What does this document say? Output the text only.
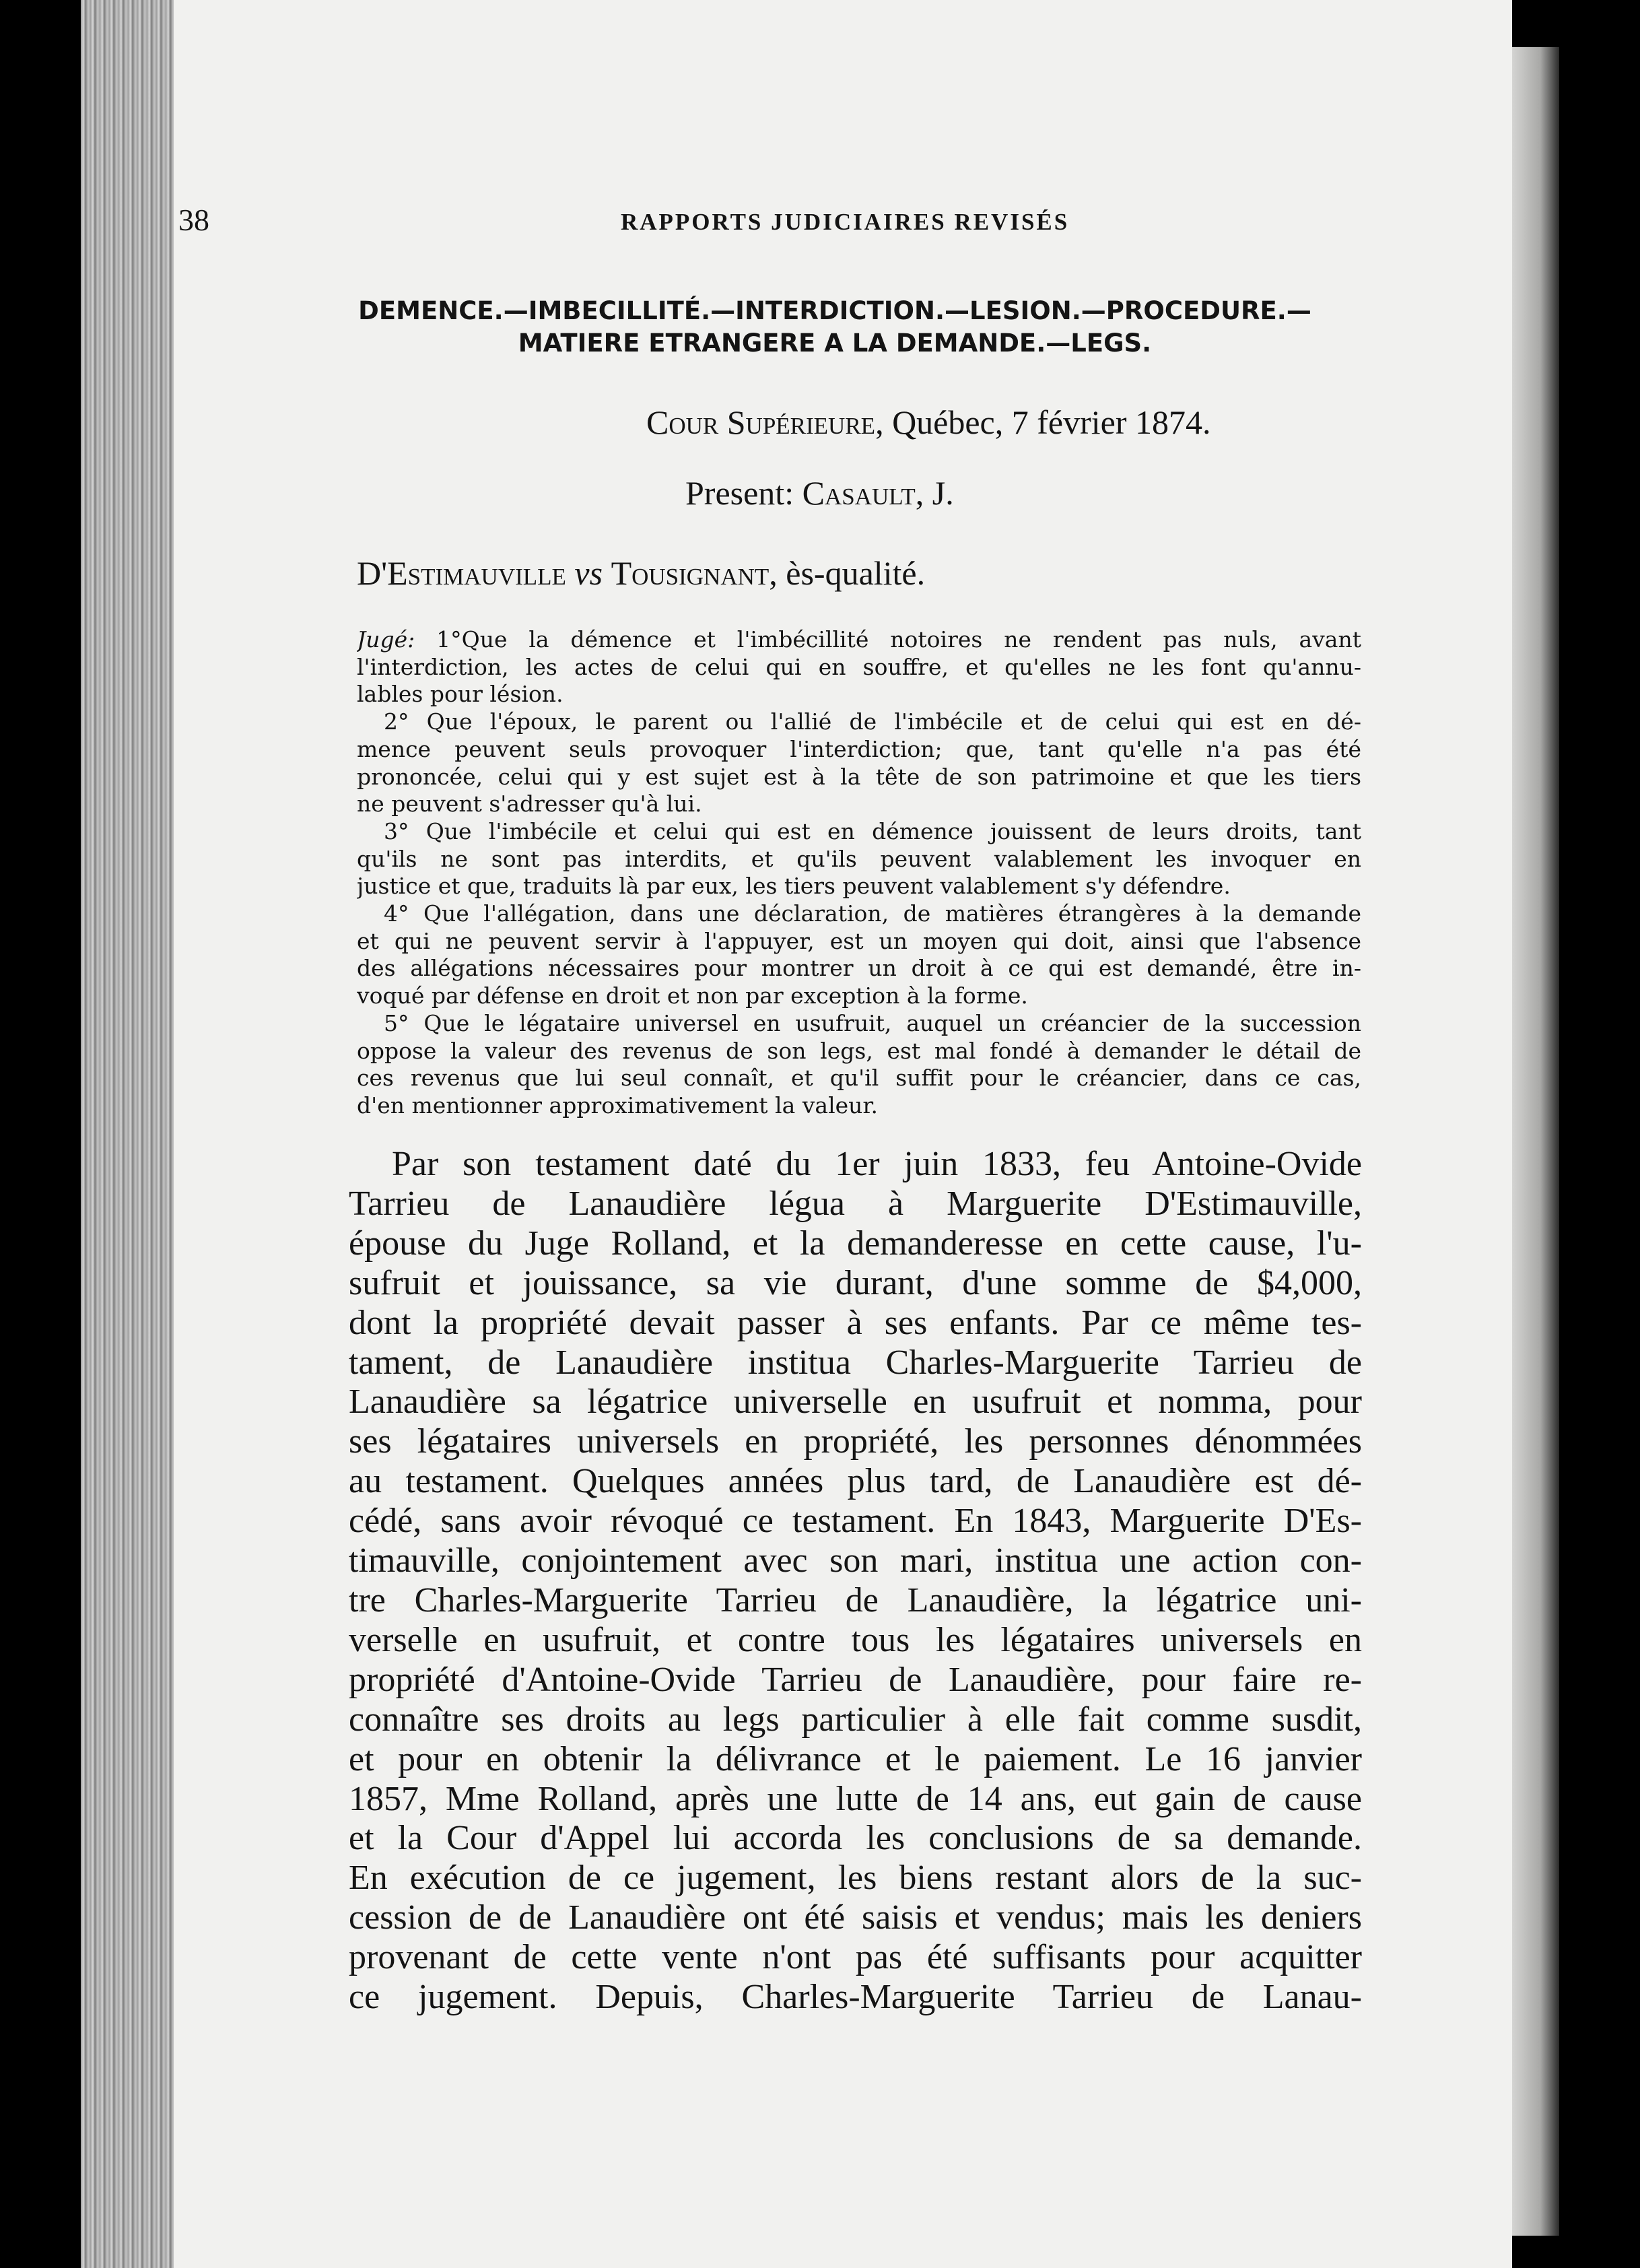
38	RAPPORTS JUDICIAIRES REVISÉS

DEMENCE.—IMBECILLITÉ.—INTERDICTION.—LESION.—PROCEDURE.—
MATIERE ETRANGERE A LA DEMANDE.—LEGS.

Cour Supérieure, Québec, 7 février 1874.

Present: Casault, J.

D'Estimauville vs Tousignant, ès-qualité.

Jugé: 1°Que la démence et l'imbécillité notoires ne rendent pas nuls, avant
l'interdiction, les actes de celui qui en souffre, et qu'elles ne les font qu'annu-
lables pour lésion.
2° Que l'époux, le parent ou l'allié de l'imbécile et de celui qui est en dé-
mence peuvent seuls provoquer l'interdiction; que, tant qu'elle n'a pas été
prononcée, celui qui y est sujet est à la tête de son patrimoine et que les tiers
ne peuvent s'adresser qu'à lui.
3° Que l'imbécile et celui qui est en démence jouissent de leurs droits, tant
qu'ils ne sont pas interdits, et qu'ils peuvent valablement les invoquer en
justice et que, traduits là par eux, les tiers peuvent valablement s'y défendre.
4° Que l'allégation, dans une déclaration, de matières étrangères à la demande
et qui ne peuvent servir à l'appuyer, est un moyen qui doit, ainsi que l'absence
des allégations nécessaires pour montrer un droit à ce qui est demandé, être in-
voqué par défense en droit et non par exception à la forme.
5° Que le légataire universel en usufruit, auquel un créancier de la succession
oppose la valeur des revenus de son legs, est mal fondé à demander le détail de
ces revenus que lui seul connaît, et qu'il suffit pour le créancier, dans ce cas,
d'en mentionner approximativement la valeur.
Par son testament daté du 1er juin 1833, feu Antoine-Ovide
Tarrieu de Lanaudière légua à Marguerite D'Estimauville,
épouse du Juge Rolland, et la demanderesse en cette cause, l'u-
sufruit et jouissance, sa vie durant, d'une somme de $4,000,
dont la propriété devait passer à ses enfants. Par ce même tes-
tament, de Lanaudière institua Charles-Marguerite Tarrieu de
Lanaudière sa légatrice universelle en usufruit et nomma, pour
ses légataires universels en propriété, les personnes dénommées
au testament. Quelques années plus tard, de Lanaudière est dé-
cédé, sans avoir révoqué ce testament. En 1843, Marguerite D'Es-
timauville, conjointement avec son mari, institua une action con-
tre Charles-Marguerite Tarrieu de Lanaudière, la légatrice uni-
verselle en usufruit, et contre tous les légataires universels en
propriété d'Antoine-Ovide Tarrieu de Lanaudière, pour faire re-
connaître ses droits au legs particulier à elle fait comme susdit,
et pour en obtenir la délivrance et le paiement. Le 16 janvier
1857, Mme Rolland, après une lutte de 14 ans, eut gain de cause
et la Cour d'Appel lui accorda les conclusions de sa demande.
En exécution de ce jugement, les biens restant alors de la suc-
cession de de Lanaudière ont été saisis et vendus; mais les deniers
provenant de cette vente n'ont pas été suffisants pour acquitter
ce jugement. Depuis, Charles-Marguerite Tarrieu de Lanau-
